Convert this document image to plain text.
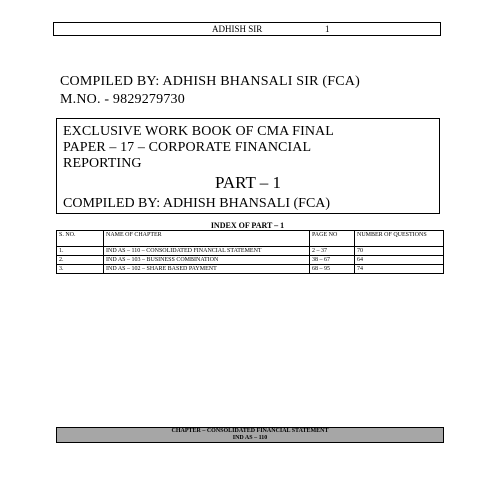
ADHISH SIR	1
COMPILED BY: ADHISH BHANSALI SIR (FCA)
M.NO. - 9829279730
EXCLUSIVE WORK BOOK OF CMA FINAL
PAPER – 17 – CORPORATE FINANCIAL
REPORTING
PART – 1
COMPILED BY: ADHISH BHANSALI (FCA)
INDEX OF PART – 1
S. NO.	NAME OF CHAPTER	PAGE NO	NUMBER OF QUESTIONS
1.	IND AS – 110 – CONSOLIDATED FINANCIAL STATEMENT	2 – 37	70
2.	IND AS – 103 – BUSINESS COMBINATION	38 – 67	64
3.	IND AS – 102 – SHARE BASED PAYMENT	68 – 95	74
CHAPTER – CONSOLIDATED FINANCIAL STATEMENT
IND AS – 110
